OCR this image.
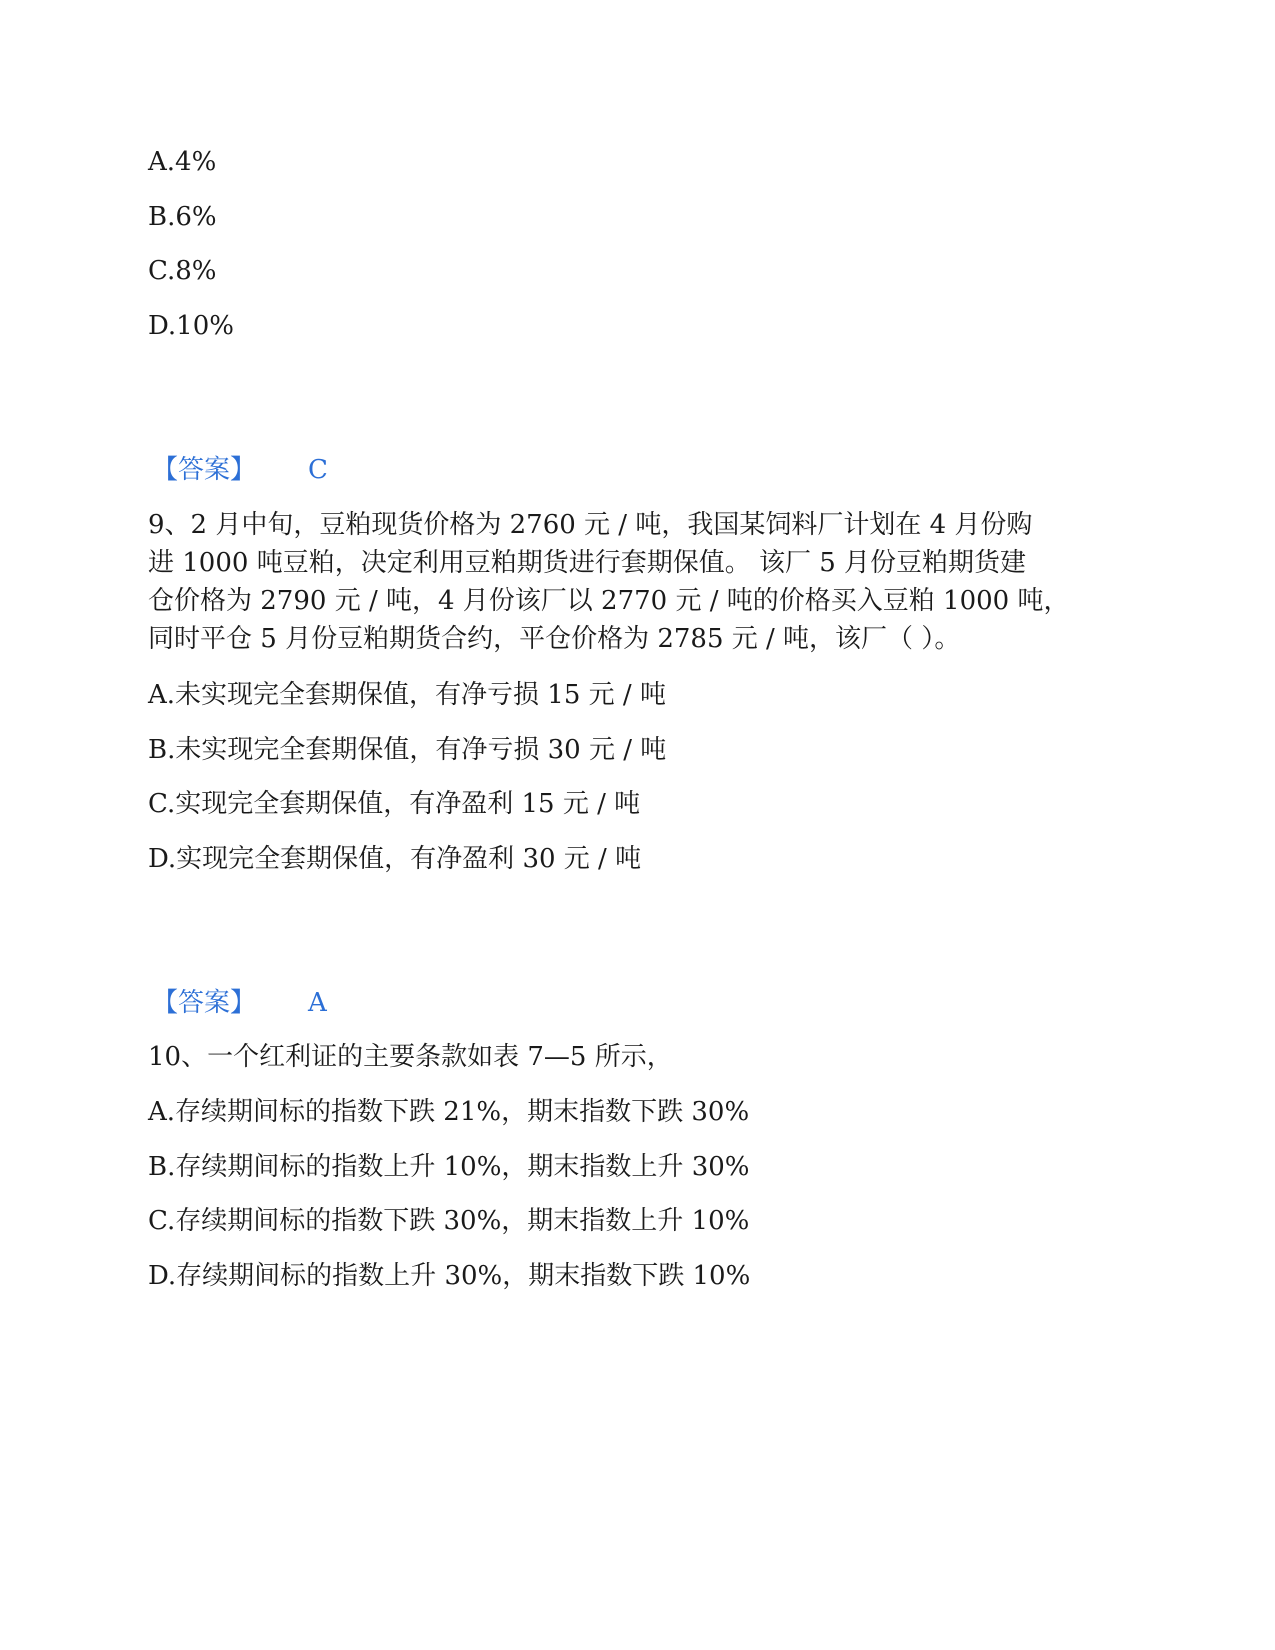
A.4%
B.6%
C.8%
D.10%
【答案】 C
9、2 月中旬，豆粕现货价格为 2760 元 / 吨，我国某饲料厂计划在 4 月份购
进 1000 吨豆粕，决定利用豆粕期货进行套期保值。 该厂 5 月份豆粕期货建
仓价格为 2790 元 / 吨，4 月份该厂以 2770 元 / 吨的价格买入豆粕 1000 吨，
同时平仓 5 月份豆粕期货合约，平仓价格为 2785 元 / 吨，该厂（ ）。
A.未实现完全套期保值，有净亏损 15 元 / 吨
B.未实现完全套期保值，有净亏损 30 元 / 吨
C.实现完全套期保值，有净盈利 15 元 / 吨
D.实现完全套期保值，有净盈利 30 元 / 吨
【答案】 A
10、一个红利证的主要条款如表 7—5 所示，
A.存续期间标的指数下跌 21%，期末指数下跌 30%
B.存续期间标的指数上升 10%，期末指数上升 30%
C.存续期间标的指数下跌 30%，期末指数上升 10%
D.存续期间标的指数上升 30%，期末指数下跌 10%
